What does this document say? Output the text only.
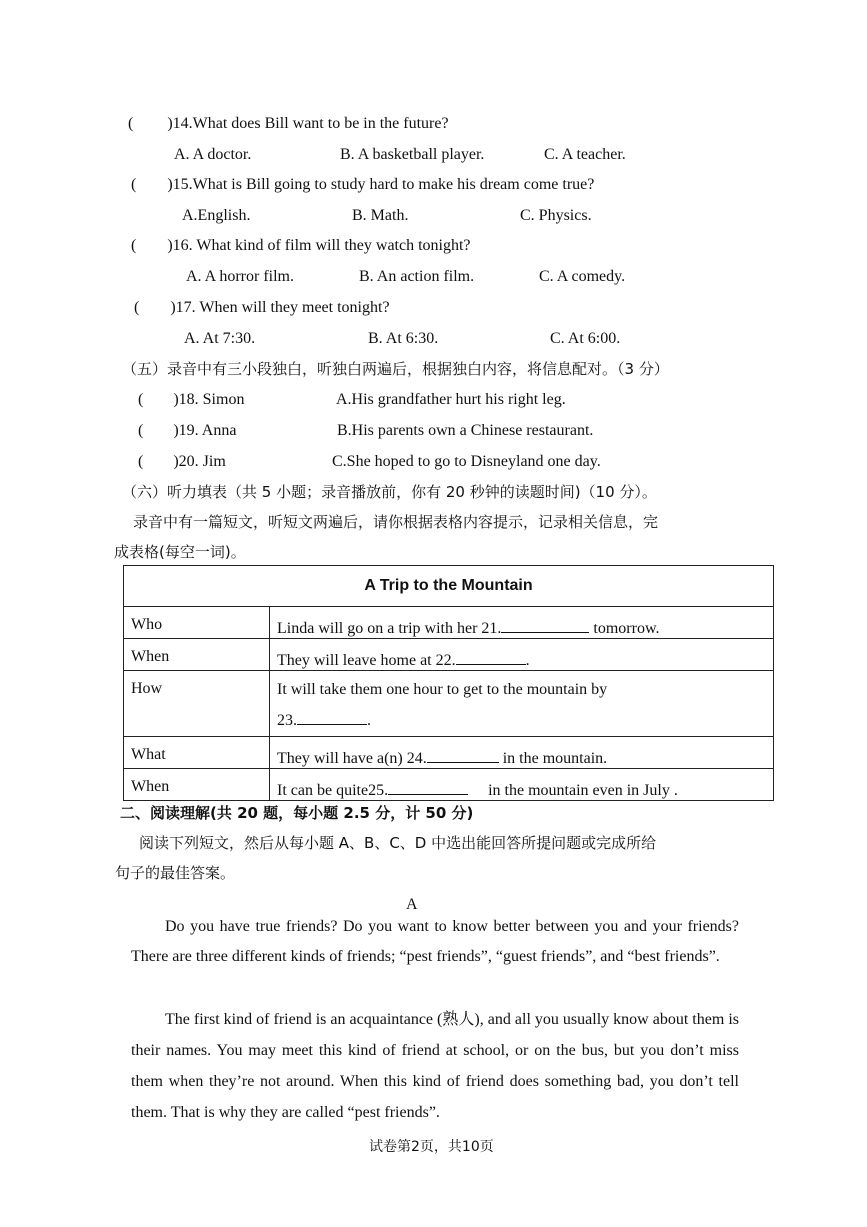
( )14.What does Bill want to be in the future?
A. A doctor.	B. A basketball player.	C. A teacher.
( )15.What is Bill going to study hard to make his dream come true?
A.English.	B. Math.	C. Physics.
( )16. What kind of film will they watch tonight?
A. A horror film.	B. An action film.	C. A comedy.
( )17. When will they meet tonight?
A. At 7:30.	B. At 6:30.	C. At 6:00.
（五）录音中有三小段独白，听独白两遍后，根据独白内容，将信息配对。（3 分）
( )18. Simon	A.His grandfather hurt his right leg.
( )19. Anna	B.His parents own a Chinese restaurant.
( )20. Jim	C.She hoped to go to Disneyland one day.
（六）听力填表（共 5 小题；录音播放前，你有 20 秒钟的读题时间)（10 分）。
录音中有一篇短文，听短文两遍后，请你根据表格内容提示，记录相关信息，完
成表格(每空一词)。
A Trip to the Mountain	
Who	Linda will go on a trip with her 21. tomorrow.
When	They will leave home at 22. .
How	It will take them one hour to get to the mountain by
23. .
What	They will have a(n) 24. in the mountain.
When	It can be quite25. in the mountain even in July .
二、阅读理解(共 20 题，每小题 2.5 分，计 50 分)
阅读下列短文，然后从每小题 A、B、C、D 中选出能回答所提问题或完成所给
句子的最佳答案。
A
Do you have true friends? Do you want to know better between you and your friends? There are three different kinds of friends; “pest friends”, “guest friends”, and “best friends”.
The first kind of friend is an acquaintance (熟人), and all you usually know about them is their names. You may meet this kind of friend at school, or on the bus, but you don’t miss them when they’re not around. When this kind of friend does something bad, you don’t tell them. That is why they are called “pest friends”.
试卷第2页，共10页
